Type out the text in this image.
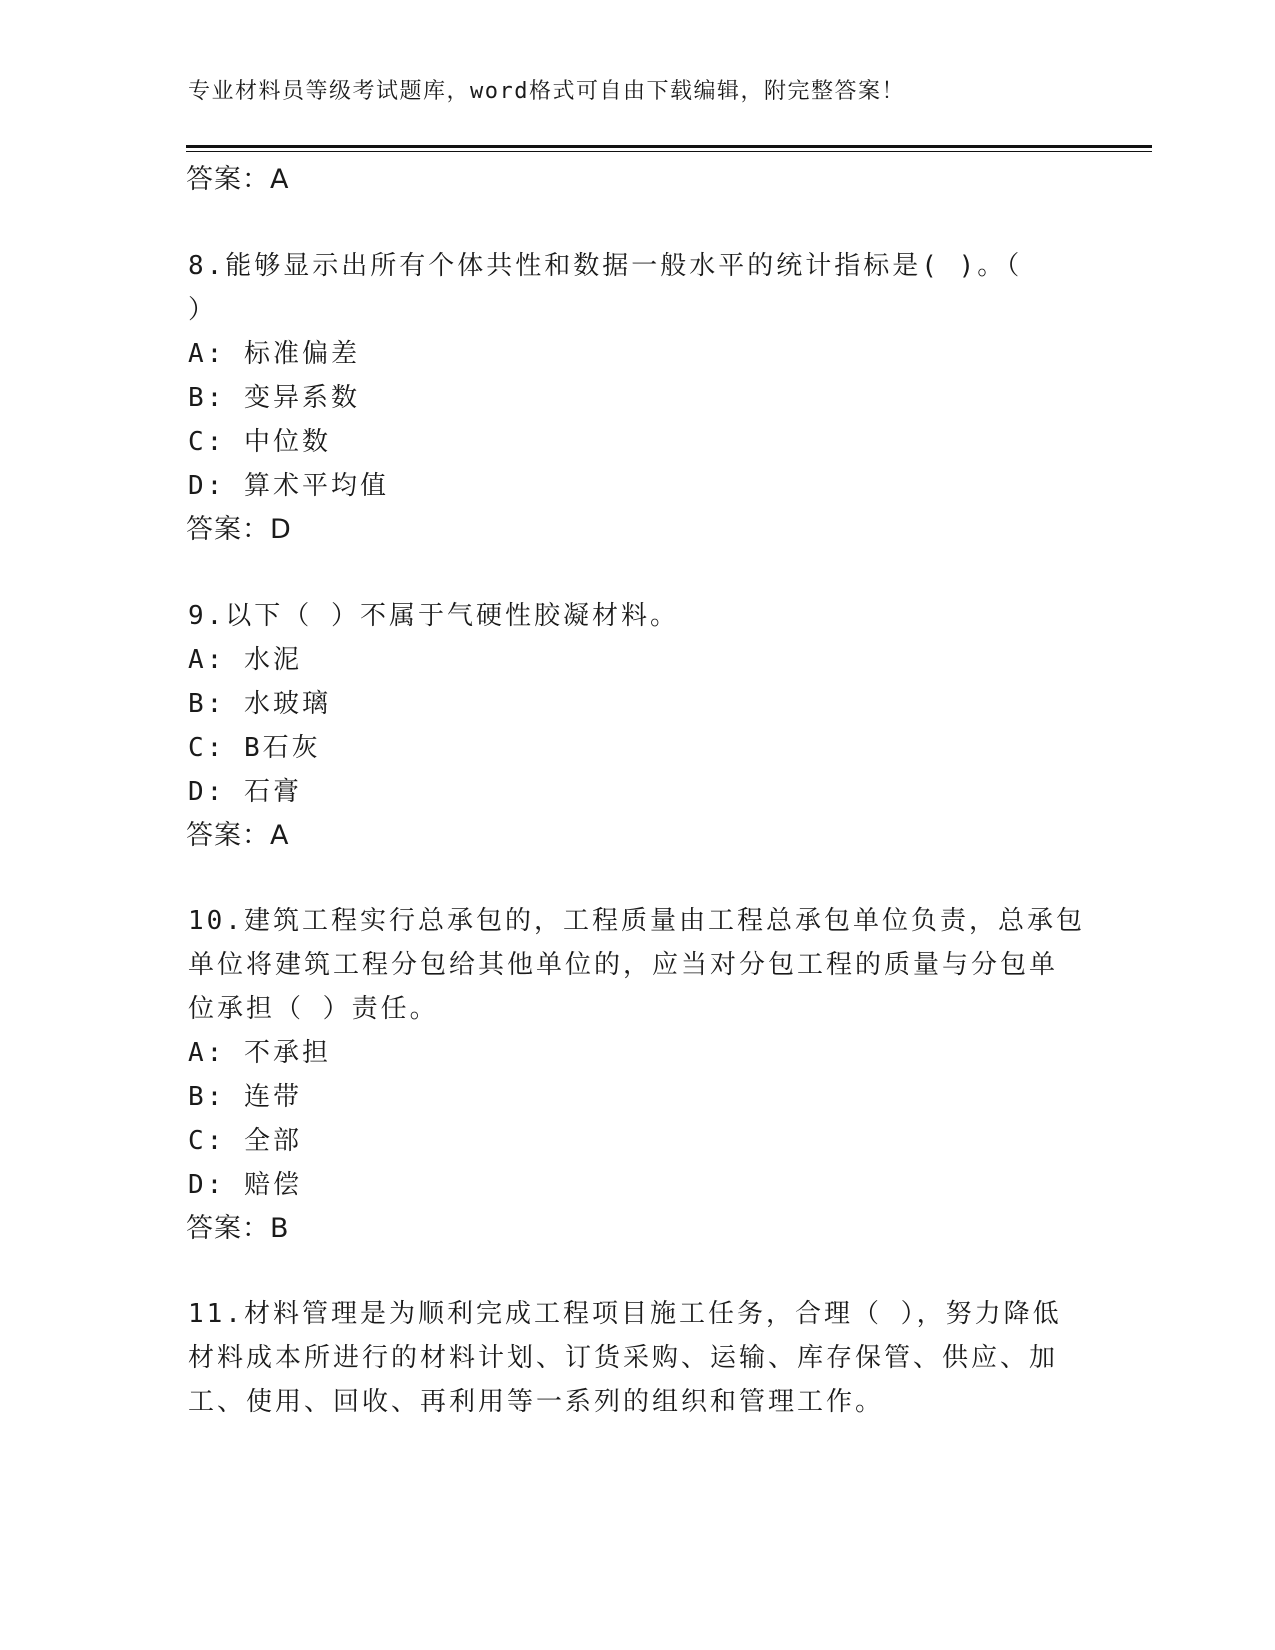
专业材料员等级考试题库，word格式可自由下载编辑，附完整答案！
答案：A
8.能够显示出所有个体共性和数据一般水平的统计指标是( )。（
）
A: 标准偏差
B: 变异系数
C: 中位数
D: 算术平均值
答案：D
9.以下（ ）不属于气硬性胶凝材料。
A: 水泥
B: 水玻璃
C: B石灰
D: 石膏
答案：A
10.建筑工程实行总承包的，工程质量由工程总承包单位负责，总承包
单位将建筑工程分包给其他单位的，应当对分包工程的质量与分包单
位承担（ ）责任。
A: 不承担
B: 连带
C: 全部
D: 赔偿
答案：B
11.材料管理是为顺利完成工程项目施工任务，合理（ ），努力降低
材料成本所进行的材料计划、订货采购、运输、库存保管、供应、加
工、使用、回收、再利用等一系列的组织和管理工作。
